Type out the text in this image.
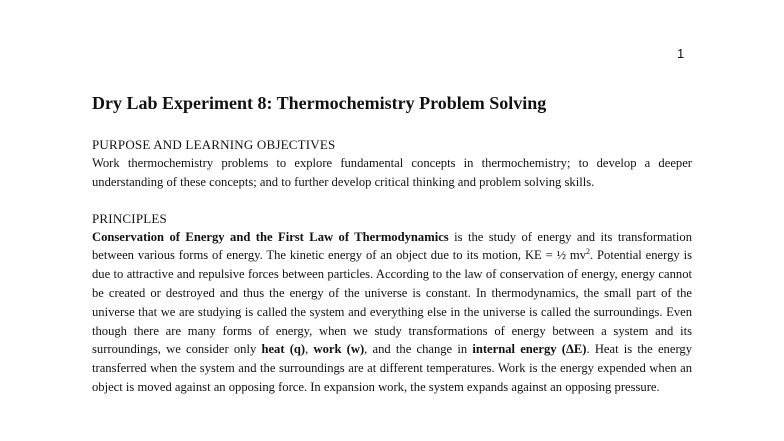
1
Dry Lab Experiment 8: Thermochemistry Problem Solving
PURPOSE AND LEARNING OBJECTIVES

Work thermochemistry problems to explore fundamental concepts in thermochemistry; to develop a deeper understanding of these concepts; and to further develop critical thinking and problem solving skills.

PRINCIPLES

Conservation of Energy and the First Law of Thermodynamics is the study of energy and its transformation between various forms of energy. The kinetic energy of an object due to its motion, KE = ½ $mv^2$. Potential energy is due to attractive and repulsive forces between particles. According to the law of conservation of energy, energy cannot be created or destroyed and thus the energy of the universe is constant. In thermodynamics, the small part of the universe that we are studying is called the system and everything else in the universe is called the surroundings. Even though there are many forms of energy, when we study transformations of energy between a system and its surroundings, we consider only heat (q), work (w), and the change in internal energy (ΔE). Heat is the energy transferred when the system and the surroundings are at different temperatures. Work is the energy expended when an object is moved against an opposing force. In expansion work, the system expands against an opposing pressure.
